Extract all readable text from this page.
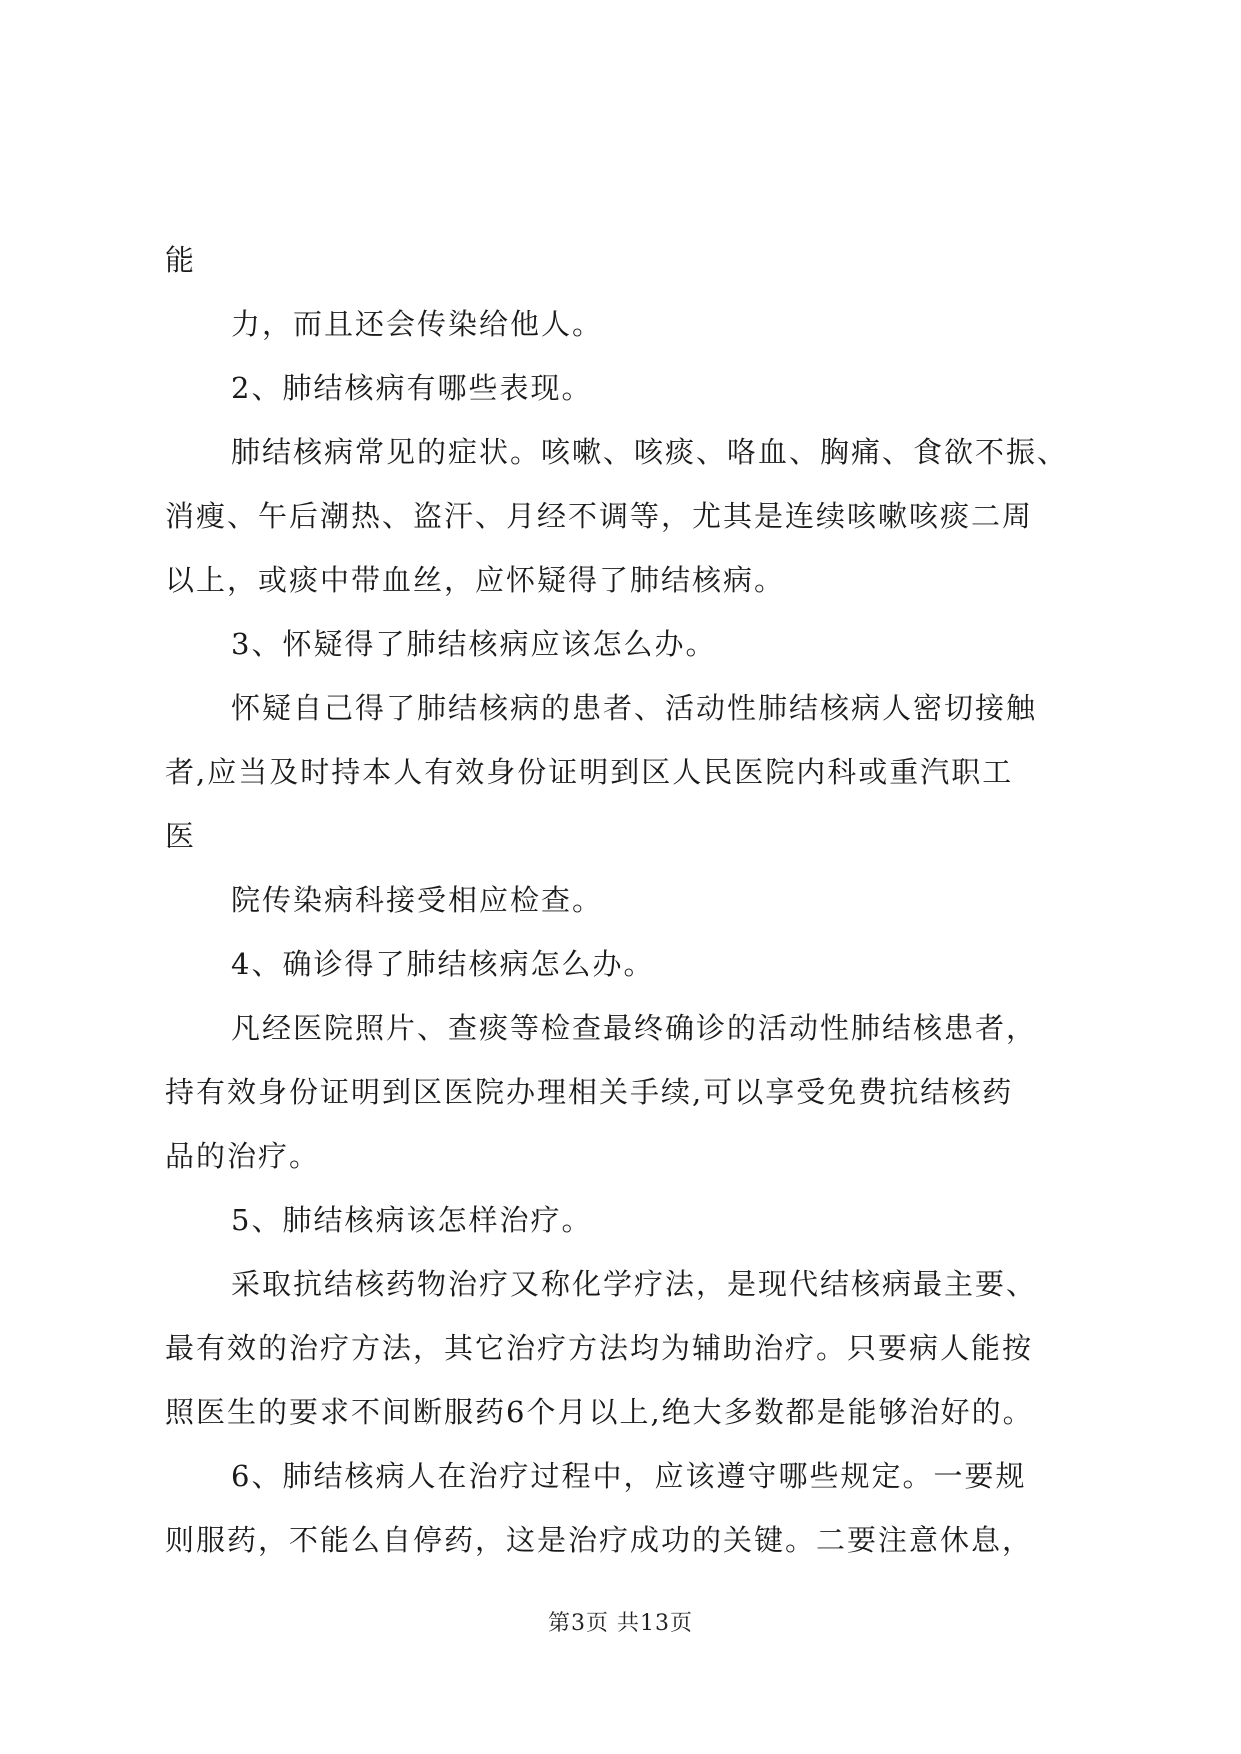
能
力，而且还会传染给他人。
2、肺结核病有哪些表现。
肺结核病常见的症状。咳嗽、咳痰、咯血、胸痛、食欲不振、
消瘦、午后潮热、盗汗、月经不调等，尤其是连续咳嗽咳痰二周
以上，或痰中带血丝，应怀疑得了肺结核病。
3、怀疑得了肺结核病应该怎么办。
怀疑自己得了肺结核病的患者、活动性肺结核病人密切接触
者,应当及时持本人有效身份证明到区人民医院内科或重汽职工
医
院传染病科接受相应检查。
4、确诊得了肺结核病怎么办。
凡经医院照片、查痰等检查最终确诊的活动性肺结核患者，
持有效身份证明到区医院办理相关手续,可以享受免费抗结核药
品的治疗。
5、肺结核病该怎样治疗。
采取抗结核药物治疗又称化学疗法，是现代结核病最主要、
最有效的治疗方法，其它治疗方法均为辅助治疗。只要病人能按
照医生的要求不间断服药6个月以上,绝大多数都是能够治好的。
6、肺结核病人在治疗过程中，应该遵守哪些规定。一要规
则服药，不能么自停药，这是治疗成功的关键。二要注意休息，
第3页 共13页
